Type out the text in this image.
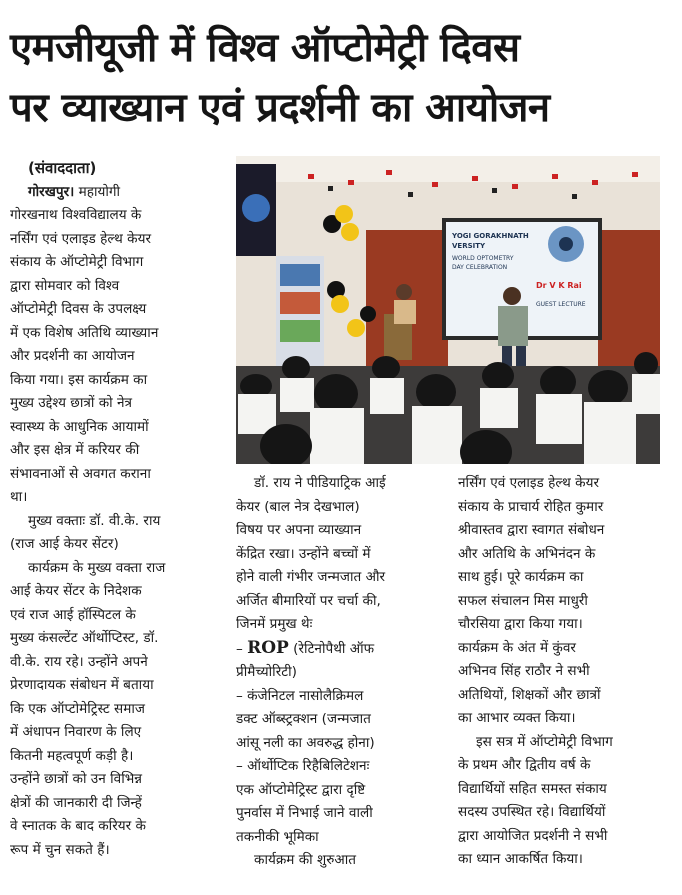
एमजीयूजी में विश्व ऑप्टोमेट्री दिवस
पर व्याख्यान एवं प्रदर्शनी का आयोजन
(संवाददाता)
गोरखपुर। महायोगी
गोरखनाथ विश्वविद्यालय के
नर्सिंग एवं एलाइड हेल्थ केयर
संकाय के ऑप्टोमेट्री विभाग
द्वारा सोमवार को विश्व
ऑप्टोमेट्री दिवस के उपलक्ष्य
में एक विशेष अतिथि व्याख्यान
और प्रदर्शनी का आयोजन
किया गया। इस कार्यक्रम का
मुख्य उद्देश्य छात्रों को नेत्र
स्वास्थ्य के आधुनिक आयामों
और इस क्षेत्र में करियर की
संभावनाओं से अवगत कराना
था।
मुख्य वक्ताः डॉ. वी.के. राय
(राज आई केयर सेंटर)
कार्यक्रम के मुख्य वक्ता राज
आई केयर सेंटर के निदेशक
एवं राज आई हॉस्पिटल के
मुख्य कंसल्टेंट ऑर्थोप्टिस्ट, डॉ.
वी.के. राय रहे। उन्होंने अपने
प्रेरणादायक संबोधन में बताया
कि एक ऑप्टोमेट्रिस्ट समाज
में अंधापन निवारण के लिए
कितनी महत्वपूर्ण कड़ी है।
उन्होंने छात्रों को उन विभिन्न
क्षेत्रों की जानकारी दी जिन्हें
वे स्नातक के बाद करियर के
रूप में चुन सकते हैं।
YOGI GORAKHNATH
VERSITY
WORLD OPTOMETRY
DAY CELEBRATION
Dr V K Rai
GUEST LECTURE
डॉ. राय ने पीडियाट्रिक आई
केयर (बाल नेत्र देखभाल)
विषय पर अपना व्याख्यान
केंद्रित रखा। उन्होंने बच्चों में
होने वाली गंभीर जन्मजात और
अर्जित बीमारियों पर चर्चा की,
जिनमें प्रमुख थेः
– ROP (रेटिनोपैथी ऑफ
प्रीमैच्योरिटी)
– कंजेनिटल नासोलैक्रिमल
डक्ट ऑब्स्ट्रक्शन (जन्मजात
आंसू नली का अवरुद्ध होना)
– ऑर्थोप्टिक रिहैबिलिटेशनः
एक ऑप्टोमेट्रिस्ट द्वारा दृष्टि
पुनर्वास में निभाई जाने वाली
तकनीकी भूमिका
कार्यक्रम की शुरुआत
नर्सिंग एवं एलाइड हेल्थ केयर
संकाय के प्राचार्य रोहित कुमार
श्रीवास्तव द्वारा स्वागत संबोधन
और अतिथि के अभिनंदन के
साथ हुई। पूरे कार्यक्रम का
सफल संचालन मिस माधुरी
चौरसिया द्वारा किया गया।
कार्यक्रम के अंत में कुंवर
अभिनव सिंह राठौर ने सभी
अतिथियों, शिक्षकों और छात्रों
का आभार व्यक्त किया।
इस सत्र में ऑप्टोमेट्री विभाग
के प्रथम और द्वितीय वर्ष के
विद्यार्थियों सहित समस्त संकाय
सदस्य उपस्थित रहे। विद्यार्थियों
द्वारा आयोजित प्रदर्शनी ने सभी
का ध्यान आकर्षित किया।
